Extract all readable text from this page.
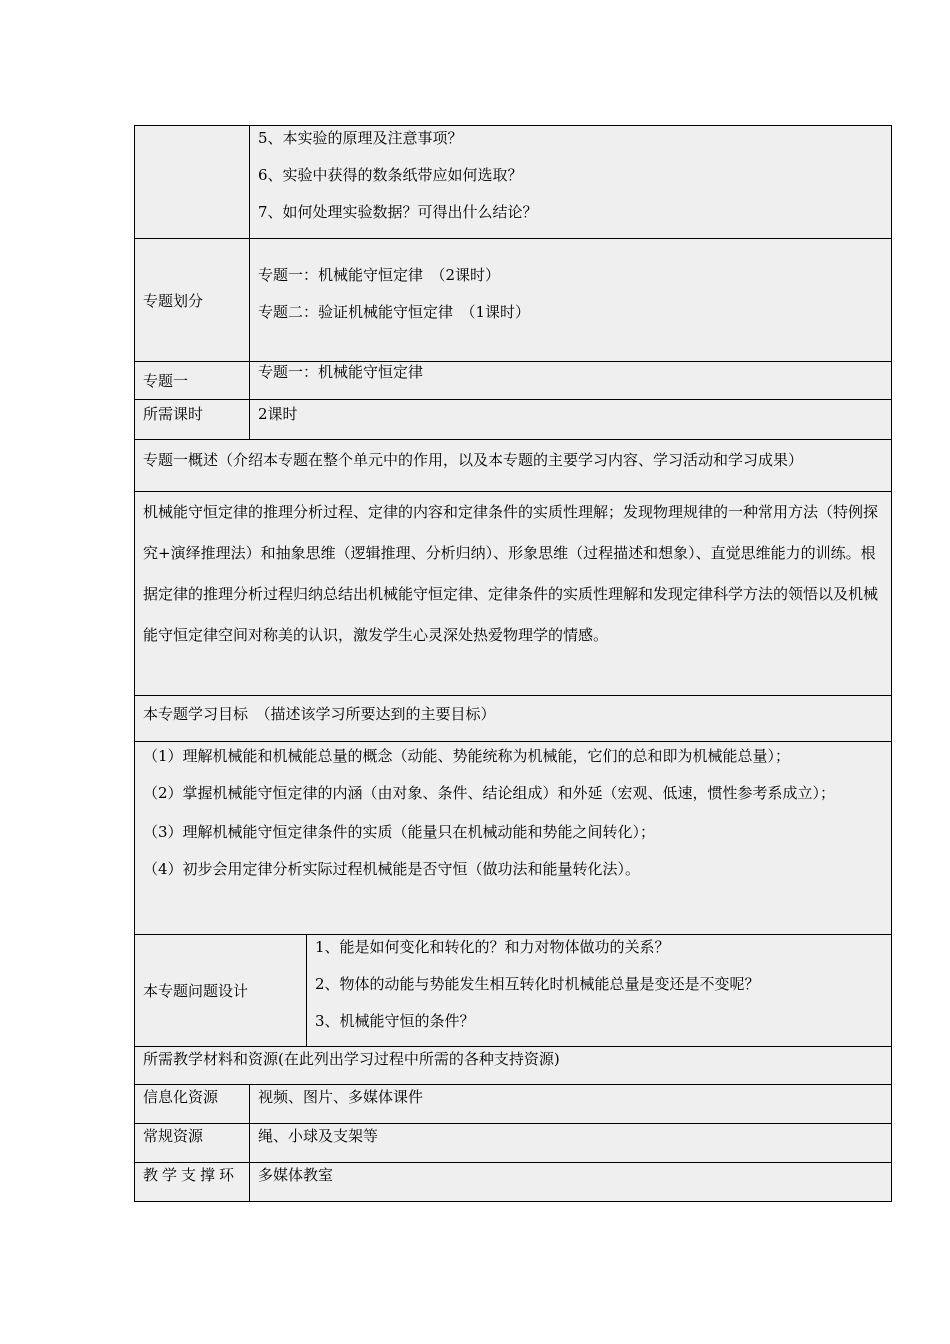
	5、本实验的原理及注意事项？
6、实验中获得的数条纸带应如何选取？
7、如何处理实验数据？可得出什么结论？	

专题划分	专题一：机械能守恒定律　（2课时）
专题二：验证机械能守恒定律　（1课时）	

专题一	专题一：机械能守恒定律	
所需课时	2课时	
专题一概述（介绍本专题在整个单元中的作用，以及本专题的主要学习内容、学习活动和学习成果）		
机械能守恒定律的推理分析过程、定律的内容和定律条件的实质性理解；发现物理规律的一种常用方法（特例探究+演绎推理法）和抽象思维（逻辑推理、分析归纳）、形象思维（过程描述和想象）、直觉思维能力的训练。根据定律的推理分析过程归纳总结出机械能守恒定律、定律条件的实质性理解和发现定律科学方法的领悟以及机械能守恒定律空间对称美的认识，激发学生心灵深处热爱物理学的情感。		
本专题学习目标　（描述该学习所要达到的主要目标）		

（1）理解机械能和机械能总量的概念（动能、势能统称为机械能，它们的总和即为机械能总量）；
（2）掌握机械能守恒定律的内涵（由对象、条件、结论组成）和外延（宏观、低速，惯性参考系成立）；
（3）理解机械能守恒定律条件的实质（能量只在机械动能和势能之间转化）；
（4）初步会用定律分析实际过程机械能是否守恒（做功法和能量转化法）。		

本专题问题设计		1、能是如何变化和转化的？和力对物体做功的关系？
2、物体的动能与势能发生相互转化时机械能总量是变还是不变呢？
3、机械能守恒的条件？

所需教学材料和资源(在此列出学习过程中所需的各种支持资源)		
信息化资源	视频、图片、多媒体课件	
常规资源	绳、小球及支架等	
教学支撑环	多媒体教室	
